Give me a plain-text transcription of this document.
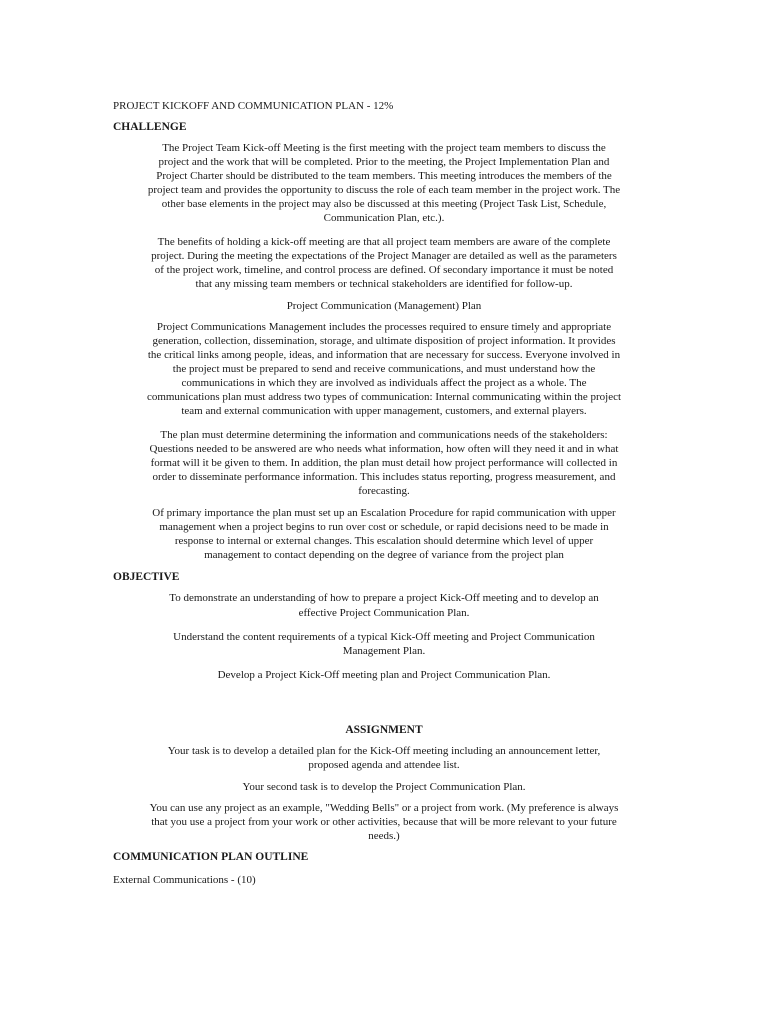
PROJECT KICKOFF AND COMMUNICATION PLAN - 12%

CHALLENGE

The Project Team Kick-off Meeting is the first meeting with the project team members to discuss the

project and the work that will be completed. Prior to the meeting, the Project Implementation Plan and

Project Charter should be distributed to the team members. This meeting introduces the members of the

project team and provides the opportunity to discuss the role of each team member in the project work. The

other base elements in the project may also be discussed at this meeting (Project Task List, Schedule,

Communication Plan, etc.).

The benefits of holding a kick-off meeting are that all project team members are aware of the complete

project. During the meeting the expectations of the Project Manager are detailed as well as the parameters

of the project work, timeline, and control process are defined. Of secondary importance it must be noted

that any missing team members or technical stakeholders are identified for follow-up.

Project Communication (Management) Plan

Project Communications Management includes the processes required to ensure timely and appropriate

generation, collection, dissemination, storage, and ultimate disposition of project information. It provides

the critical links among people, ideas, and information that are necessary for success. Everyone involved in

the project must be prepared to send and receive communications, and must understand how the

communications in which they are involved as individuals affect the project as a whole. The

communications plan must address two types of communication: Internal communicating within the project

team and external communication with upper management, customers, and external players.

The plan must determine determining the information and communications needs of the stakeholders:

Questions needed to be answered are who needs what information, how often will they need it and in what

format will it be given to them. In addition, the plan must detail how project performance will collected in

order to disseminate performance information. This includes status reporting, progress measurement, and

forecasting.

Of primary importance the plan must set up an Escalation Procedure for rapid communication with upper

management when a project begins to run over cost or schedule, or rapid decisions need to be made in

response to internal or external changes. This escalation should determine which level of upper

management to contact depending on the degree of variance from the project plan

OBJECTIVE

To demonstrate an understanding of how to prepare a project Kick-Off meeting and to develop an

effective Project Communication Plan.

Understand the content requirements of a typical Kick-Off meeting and Project Communication

Management Plan.

Develop a Project Kick-Off meeting plan and Project Communication Plan.

ASSIGNMENT

Your task is to develop a detailed plan for the Kick-Off meeting including an announcement letter,

proposed agenda and attendee list.

Your second task is to develop the Project Communication Plan.

You can use any project as an example, "Wedding Bells" or a project from work. (My preference is always

that you use a project from your work or other activities, because that will be more relevant to your future

needs.)

COMMUNICATION PLAN OUTLINE

External Communications - (10)
